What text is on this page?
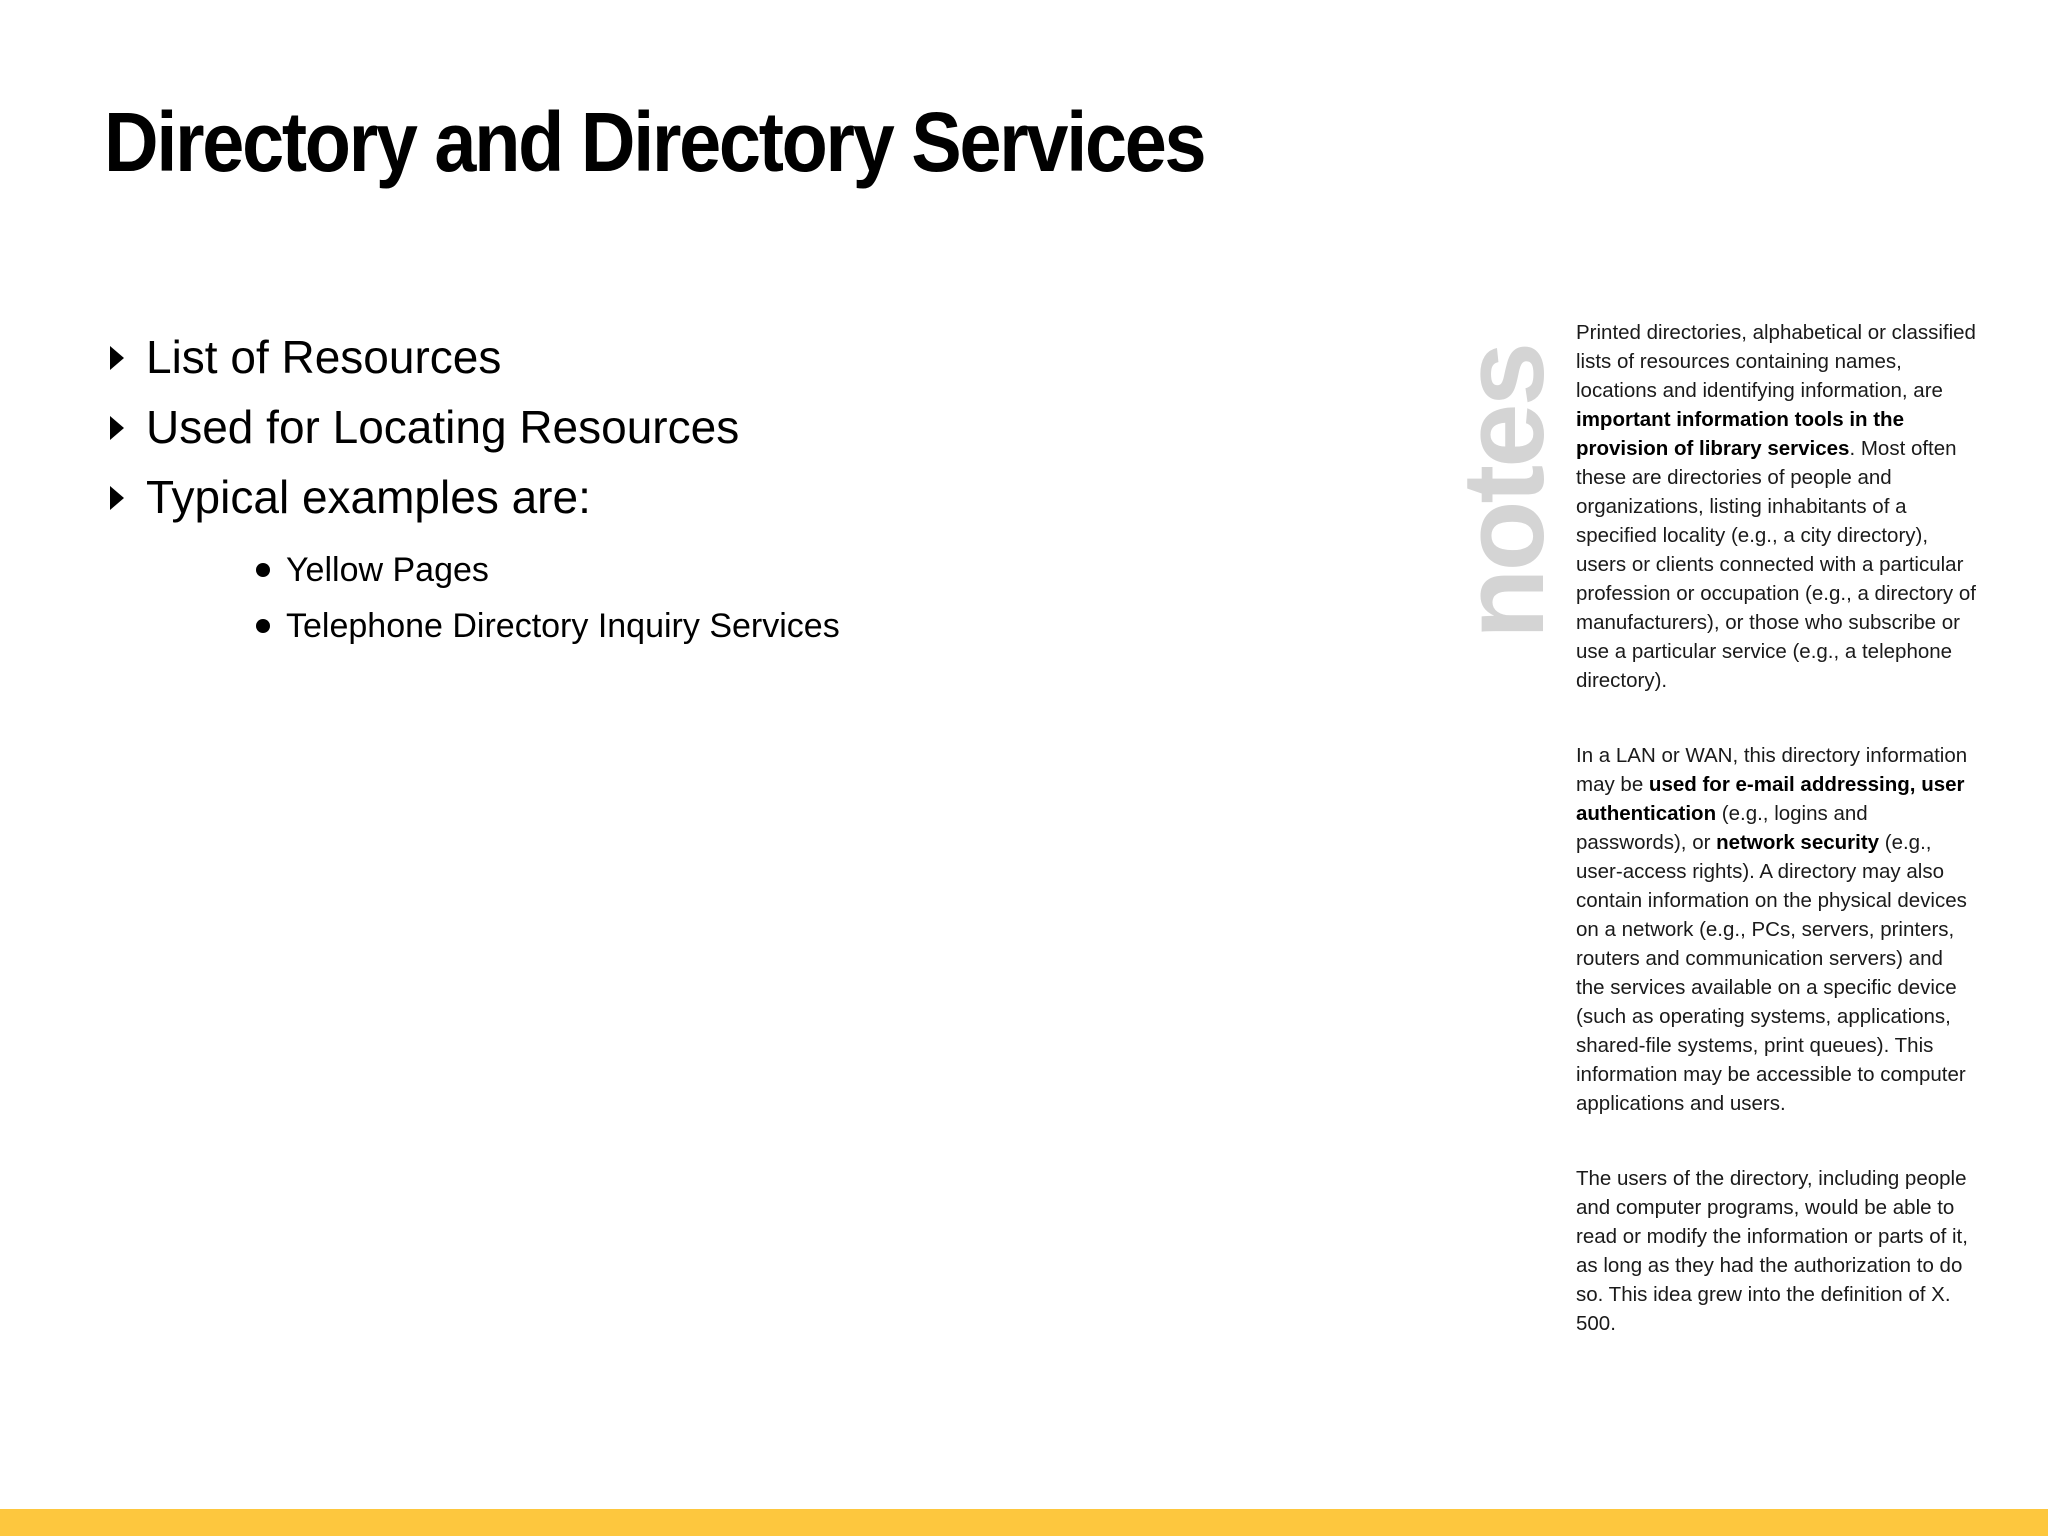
Directory and Directory Services
List of Resources
Used for Locating Resources
Typical examples are:
Yellow Pages
Telephone Directory Inquiry Services	notes

Printed directories, alphabetical or classified lists of resources containing names, locations and identifying information, are important information tools in the provision of library services. Most often these are directories of people and organizations, listing inhabitants of a specified locality (e.g., a city directory), users or clients connected with a particular profession or occupation (e.g., a directory of manufacturers), or those who subscribe or use a particular service (e.g., a telephone directory).

In a LAN or WAN, this directory information may be used for e-mail addressing, user authentication (e.g., logins and passwords), or network security (e.g., user-access rights). A directory may also contain information on the physical devices on a network (e.g., PCs, servers, printers, routers and communication servers) and the services available on a specific device (such as operating systems, applications, shared-file systems, print queues). This information may be accessible to computer applications and users.

The users of the directory, including people and computer programs, would be able to read or modify the information or parts of it, as long as they had the authorization to do so. This idea grew into the definition of X. 500.
